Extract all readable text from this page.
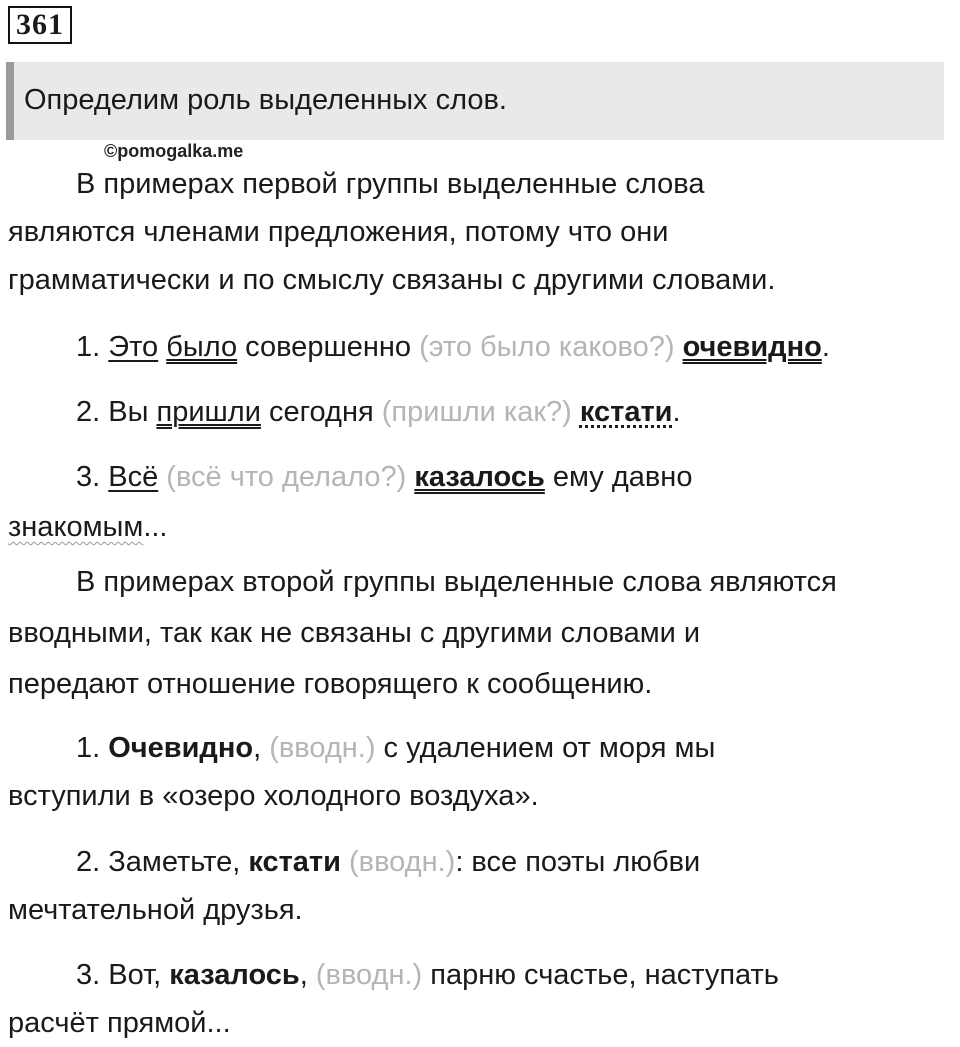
361
Определим роль выделенных слов.
©pomogalka.me
В примерах первой группы выделенные слова
являются членами предложения, потому что они
грамматически и по смыслу связаны с другими словами.
1. Это было совершенно (это было каково?) очевидно.
2. Вы пришли сегодня (пришли как?) кстати.
3. Всё (всё что делало?) казалось ему давно
знакомым...
В примерах второй группы выделенные слова являются
вводными, так как не связаны с другими словами и
передают отношение говорящего к сообщению.
1. Очевидно, (вводн.) с удалением от моря мы
вступили в «озеро холодного воздуха».
2. Заметьте, кстати (вводн.): все поэты любви
мечтательной друзья.
3. Вот, казалось, (вводн.) парню счастье, наступать
расчёт прямой...
